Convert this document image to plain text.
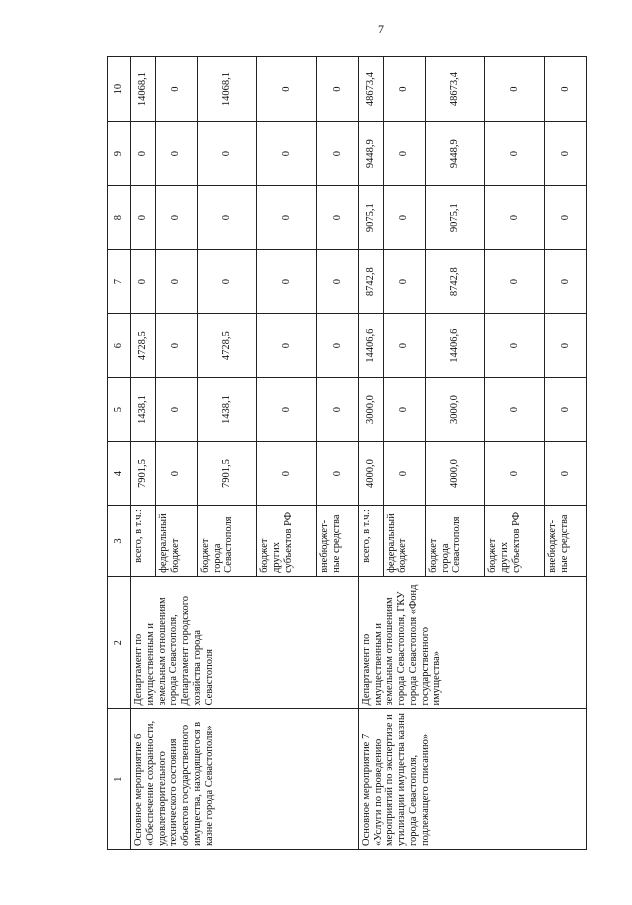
7
1	2	3	4	5	6	7	8	9	10
Основное мероприятие 6 «Обеспечение сохранности, удовлетворительного технического состояния объектов государственного имущества, находящегося в казне города Севастополя»	Департамент по имущественным и земельным отношениям города Севастополя, Департамент городского хозяйства города Севастополя	всего, в т.ч.:	7901,5	1438,1	4728,5	0	0	0	14068,1
		федеральный бюджет	0	0	0	0	0	0	0
		бюджет города Севастополя	7901,5	1438,1	4728,5	0	0	0	14068,1
		бюджет других субъектов РФ	0	0	0	0	0	0	0
		внебюджет-ные средства	0	0	0	0	0	0	0
Основное мероприятие 7 «Услуги по проведению мероприятий по экспертизе и утилизации имущества казны города Севастополя, подлежащего списанию»	Департамент по имущественным и земельным отношениям города Севастополя, ГКУ города Севастополя «Фонд государственного имущества»	всего, в т.ч.:	4000,0	3000,0	14406,6	8742,8	9075,1	9448,9	48673,4
		федеральный бюджет	0	0	0	0	0	0	0
		бюджет города Севастополя	4000,0	3000,0	14406,6	8742,8	9075,1	9448,9	48673,4
		бюджет других субъектов РФ	0	0	0	0	0	0	0
		внебюджет-ные средства	0	0	0	0	0	0	0
